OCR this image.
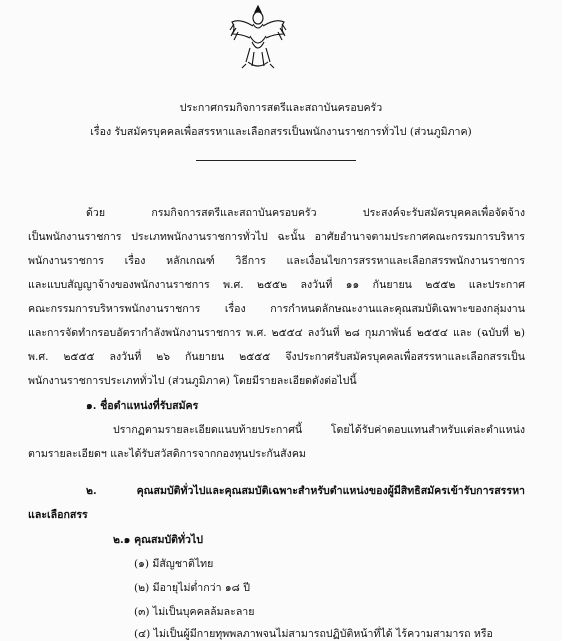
ประกาศกรมกิจการสตรีและสถาบันครอบครัว
เรื่อง รับสมัครบุคคลเพื่อสรรหาและเลือกสรรเป็นพนักงานราชการทั่วไป (ส่วนภูมิภาค)
ด้วย กรมกิจการสตรีและสถาบันครอบครัว ประสงค์จะรับสมัครบุคคลเพื่อจัดจ้าง
เป็นพนักงานราชการ ประเภทพนักงานราชการทั่วไป ฉะนั้น อาศัยอำนาจตามประกาศคณะกรรมการบริหาร
พนักงานราชการ เรื่อง หลักเกณฑ์ วิธีการ และเงื่อนไขการสรรหาและเลือกสรรพนักงานราชการ
และแบบสัญญาจ้างของพนักงานราชการ พ.ศ. ๒๕๕๒ ลงวันที่ ๑๑ กันยายน ๒๕๕๒ และประกาศ
คณะกรรมการบริหารพนักงานราชการ เรื่อง การกำหนดลักษณะงานและคุณสมบัติเฉพาะของกลุ่มงาน
และการจัดทำกรอบอัตรากำลังพนักงานราชการ พ.ศ. ๒๕๕๔ ลงวันที่ ๒๘ กุมภาพันธ์ ๒๕๕๔ และ (ฉบับที่ ๒)
พ.ศ. ๒๕๕๕ ลงวันที่ ๒๖ กันยายน ๒๕๕๕ จึงประกาศรับสมัครบุคคลเพื่อสรรหาและเลือกสรรเป็น
พนักงานราชการประเภททั่วไป (ส่วนภูมิภาค) โดยมีรายละเอียดดังต่อไปนี้
๑. ชื่อตำแหน่งที่รับสมัคร
ปรากฏตามรายละเอียดแนบท้ายประกาศนี้ โดยได้รับค่าตอบแทนสำหรับแต่ละตำแหน่ง
ตามรายละเอียดฯ และได้รับสวัสดิการจากกองทุนประกันสังคม
๒. คุณสมบัติทั่วไปและคุณสมบัติเฉพาะสำหรับตำแหน่งของผู้มีสิทธิสมัครเข้ารับการสรรหา
และเลือกสรร
๒.๑ คุณสมบัติทั่วไป
(๑) มีสัญชาติไทย
(๒) มีอายุไม่ต่ำกว่า ๑๘ ปี
(๓) ไม่เป็นบุคคลล้มละลาย
(๔) ไม่เป็นผู้มีกายทุพพลภาพจนไม่สามารถปฏิบัติหน้าที่ได้ ไร้ความสามารถ หรือ
